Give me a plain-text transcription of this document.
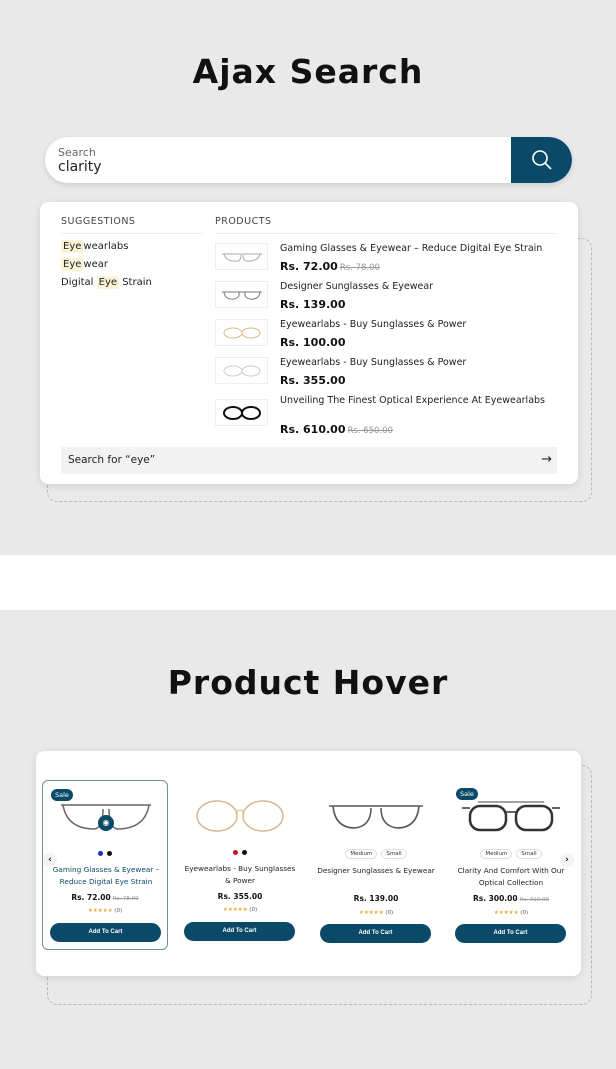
Ajax Search
Search
clarity
SUGGESTIONS	PRODUCTS
Eye wearlabs
Eye wear
Digital Eye Strain
Gaming Glasses & Eyewear – Reduce Digital Eye Strain
Rs. 72.00 Rs. 78.00
Designer Sunglasses & Eyewear
Rs. 139.00
Eyewearlabs - Buy Sunglasses & Power
Rs. 100.00
Eyewearlabs - Buy Sunglasses & Power
Rs. 355.00
Unveiling The Finest Optical Experience At Eyewearlabs
Rs. 610.00 Rs. 650.00
Search for “eye”	→
Product Hover
Sale
◉
Gaming Glasses & Eyewear – Reduce Digital Eye Strain
Rs. 72.00 Rs. 78.00
★★★★★ (0)
Add To Cart
Eyewearlabs - Buy Sunglasses & Power
Rs. 355.00
★★★★★ (0)
Add To Cart
Medium	Small
Designer Sunglasses & Eyewear
Rs. 139.00
★★★★★ (0)
Add To Cart
Sale
Medium	Small
Clarity And Comfort With Our Optical Collection
Rs. 300.00 Rs. 310.00
★★★★★ (0)
Add To Cart
‹	›
